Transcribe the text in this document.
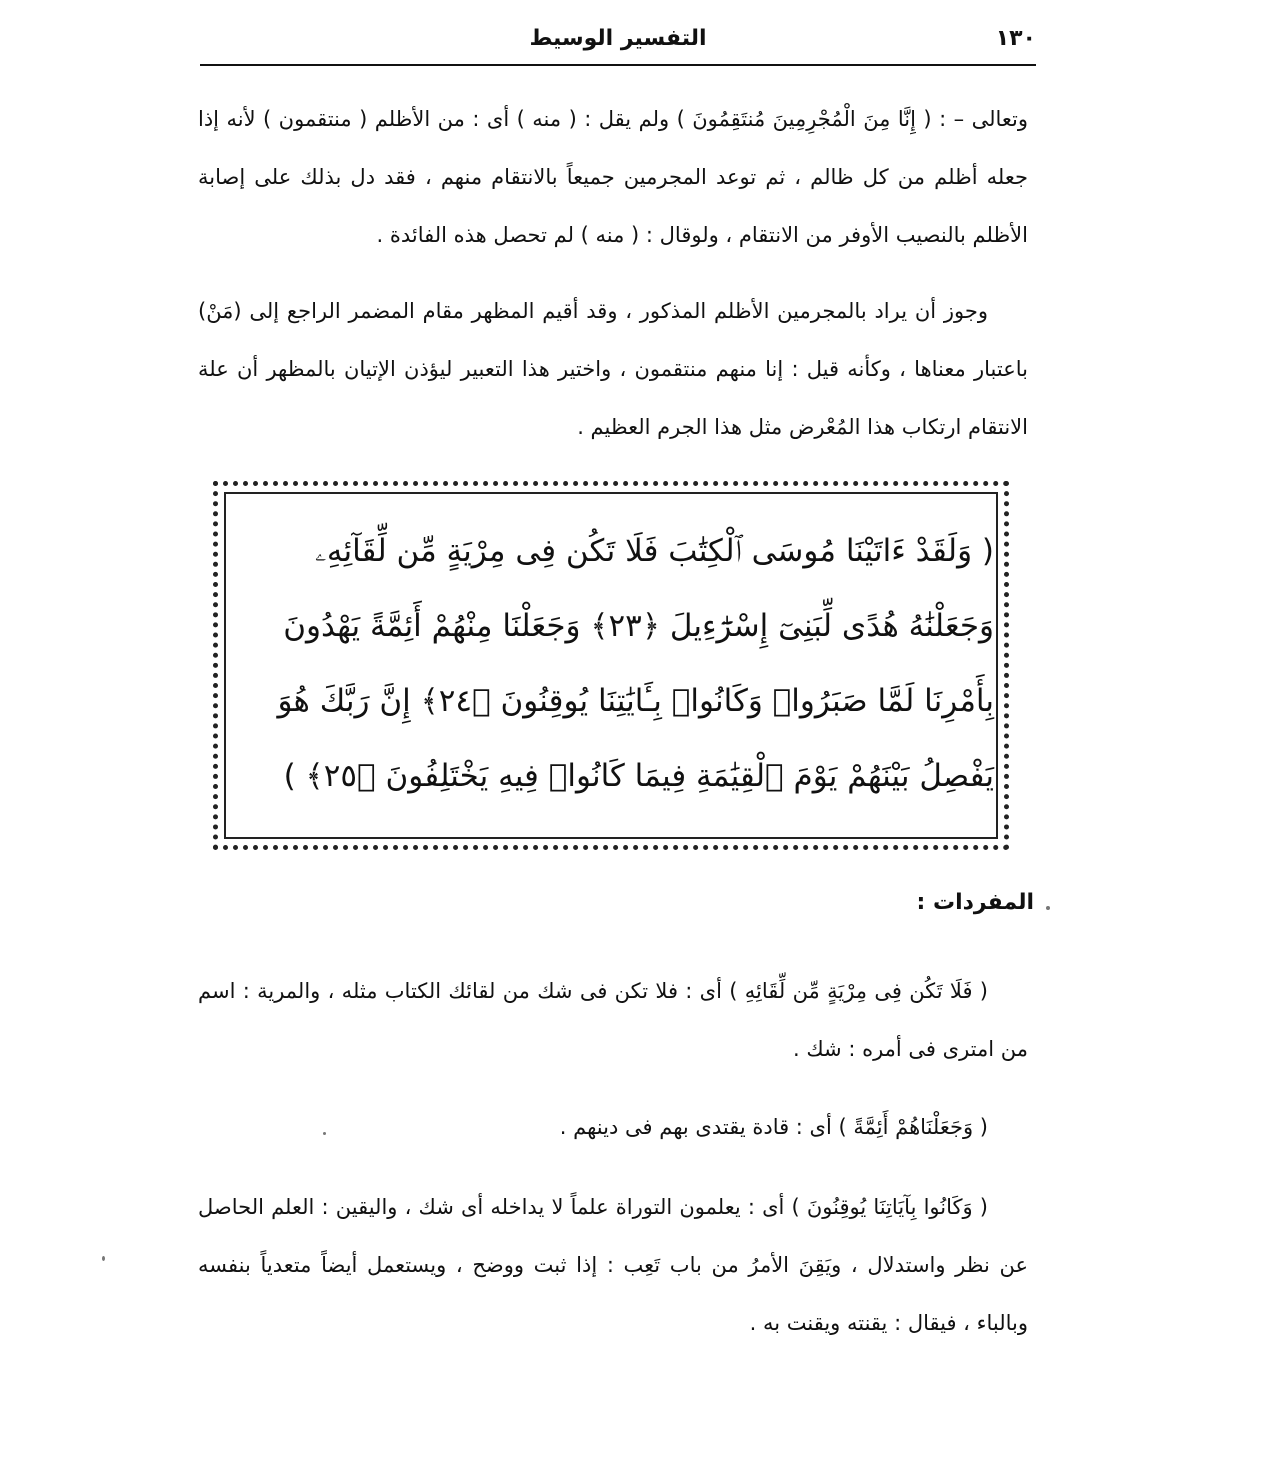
١٣٠
التفسير الوسيط

وتعالى – : ( إِنَّا مِنَ الْمُجْرِمِينَ مُنتَقِمُونَ ) ولم يقل : ( منه ) أى : من الأظلم ( منتقمون ) لأنه إذا جعله أظلم من كل ظالم ، ثم توعد المجرمين جميعاً بالانتقام منهم ، فقد دل بذلك على إصابة الأظلم بالنصيب الأوفر من الانتقام ، ولوقال : ( منه ) لم تحصل هذه الفائدة .

وجوز أن يراد بالمجرمين الأظلم المذكور ، وقد أقيم المظهر مقام المضمر الراجع إلى (مَنْ) باعتبار معناها ، وكأنه قيل : إنا منهم منتقمون ، واختير هذا التعبير ليؤذن الإتيان بالمظهر أن علة الانتقام ارتكاب هذا المُعْرض مثل هذا الجرم العظيم .

( وَلَقَدْ ءَاتَيْنَا مُوسَى ٱلْكِتَٰبَ فَلَا تَكُن فِى مِرْيَةٍ مِّن لِّقَآئِهِۦ
وَجَعَلْنَٰهُ هُدًى لِّبَنِىٓ إِسْرَٰٓءِيلَ ﴿٢٣﴾ وَجَعَلْنَا مِنْهُمْ أَئِمَّةً يَهْدُونَ
بِأَمْرِنَا لَمَّا صَبَرُوا۟ وَكَانُوا۟ بِـَٔايَٰتِنَا يُوقِنُونَ ﴿٢٤﴾ إِنَّ رَبَّكَ هُوَ
يَفْصِلُ بَيْنَهُمْ يَوْمَ ٱلْقِيَٰمَةِ فِيمَا كَانُوا۟ فِيهِ يَخْتَلِفُونَ ﴿٢٥﴾ )
المفردات :

( فَلَا تَكُن فِى مِرْيَةٍ مِّن لِّقَائِهِ ) أى : فلا تكن فى شك من لقائك الكتاب مثله ، والمرية : اسم من امترى فى أمره : شك .

( وَجَعَلْنَاهُمْ أَئِمَّةً ) أى : قادة يقتدى بهم فى دينهم .

( وَكَانُوا بِآيَاتِنَا يُوقِنُونَ ) أى : يعلمون التوراة علماً لا يداخله أى شك ، واليقين : العلم الحاصل عن نظر واستدلال ، ويَقِنَ الأمرُ من باب تَعِب : إذا ثبت ووضح ، ويستعمل أيضاً متعدياً بنفسه وبالباء ، فيقال : يقنته ويقنت به .
